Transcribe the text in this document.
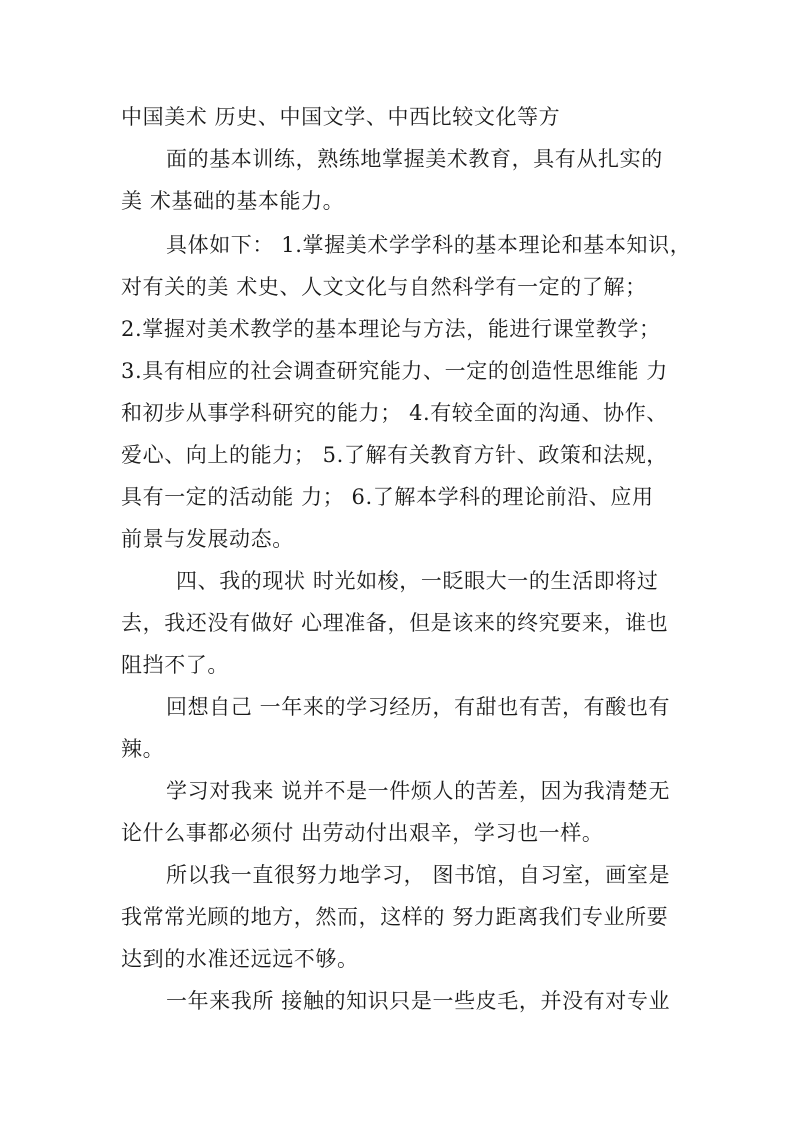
中国美术 历史、中国文学、中西比较文化等方
面的基本训练，熟练地掌握美术教育，具有从扎实的
美 术基础的基本能力。
具体如下： 1.掌握美术学学科的基本理论和基本知识，
对有关的美 术史、人文文化与自然科学有一定的了解；
2.掌握对美术教学的基本理论与方法，能进行课堂教学；
3.具有相应的社会调查研究能力、一定的创造性思维能 力
和初步从事学科研究的能力； 4.有较全面的沟通、协作、
爱心、向上的能力； 5.了解有关教育方针、政策和法规，
具有一定的活动能 力； 6.了解本学科的理论前沿、应用
前景与发展动态。
四、我的现状 时光如梭，一眨眼大一的生活即将过
去，我还没有做好 心理准备，但是该来的终究要来，谁也
阻挡不了。
回想自己 一年来的学习经历，有甜也有苦，有酸也有
辣。
学习对我来 说并不是一件烦人的苦差，因为我清楚无
论什么事都必须付 出劳动付出艰辛，学习也一样。
所以我一直很努力地学习， 图书馆，自习室，画室是
我常常光顾的地方，然而，这样的 努力距离我们专业所要
达到的水准还远远不够。
一年来我所 接触的知识只是一些皮毛，并没有对专业
